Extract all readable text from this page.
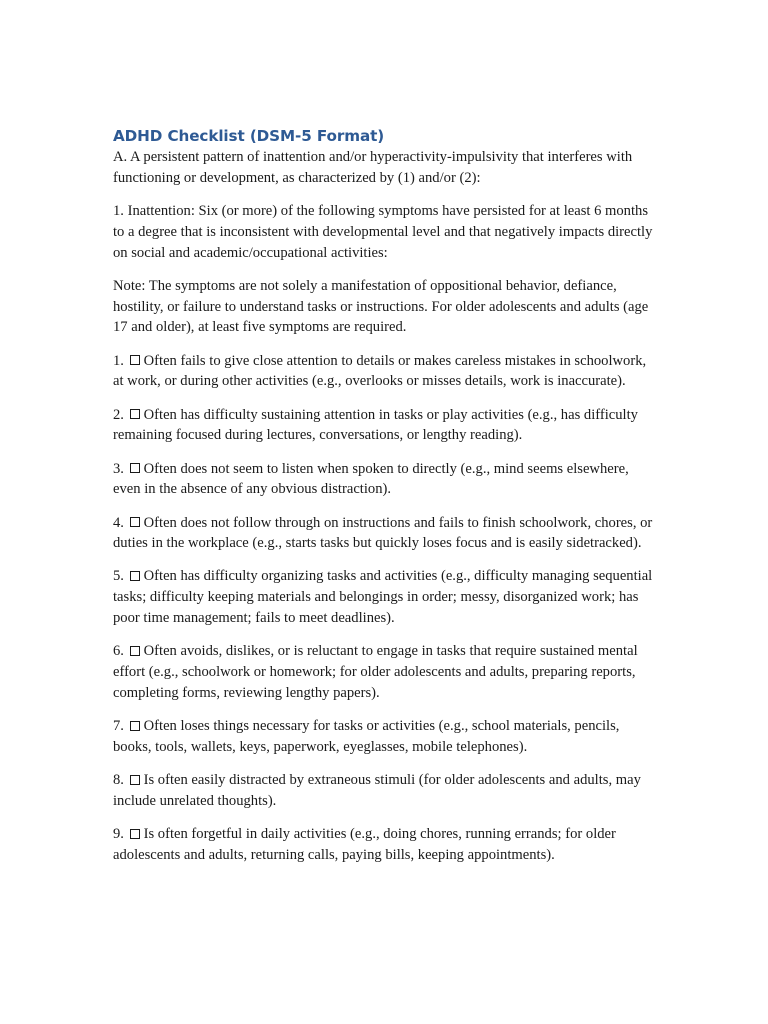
ADHD Checklist (DSM-5 Format)

A. A persistent pattern of inattention and/or hyperactivity-impulsivity that interferes with functioning or development, as characterized by (1) and/or (2):

1. Inattention: Six (or more) of the following symptoms have persisted for at least 6 months to a degree that is inconsistent with developmental level and that negatively impacts directly on social and academic/occupational activities:

Note: The symptoms are not solely a manifestation of oppositional behavior, defiance, hostility, or failure to understand tasks or instructions. For older adolescents and adults (age 17 and older), at least five symptoms are required.

1. Often fails to give close attention to details or makes careless mistakes in schoolwork, at work, or during other activities (e.g., overlooks or misses details, work is inaccurate).

2. Often has difficulty sustaining attention in tasks or play activities (e.g., has difficulty remaining focused during lectures, conversations, or lengthy reading).

3. Often does not seem to listen when spoken to directly (e.g., mind seems elsewhere, even in the absence of any obvious distraction).

4. Often does not follow through on instructions and fails to finish schoolwork, chores, or duties in the workplace (e.g., starts tasks but quickly loses focus and is easily sidetracked).

5. Often has difficulty organizing tasks and activities (e.g., difficulty managing sequential tasks; difficulty keeping materials and belongings in order; messy, disorganized work; has poor time management; fails to meet deadlines).

6. Often avoids, dislikes, or is reluctant to engage in tasks that require sustained mental effort (e.g., schoolwork or homework; for older adolescents and adults, preparing reports, completing forms, reviewing lengthy papers).

7. Often loses things necessary for tasks or activities (e.g., school materials, pencils, books, tools, wallets, keys, paperwork, eyeglasses, mobile telephones).

8. Is often easily distracted by extraneous stimuli (for older adolescents and adults, may include unrelated thoughts).

9. Is often forgetful in daily activities (e.g., doing chores, running errands; for older adolescents and adults, returning calls, paying bills, keeping appointments).
